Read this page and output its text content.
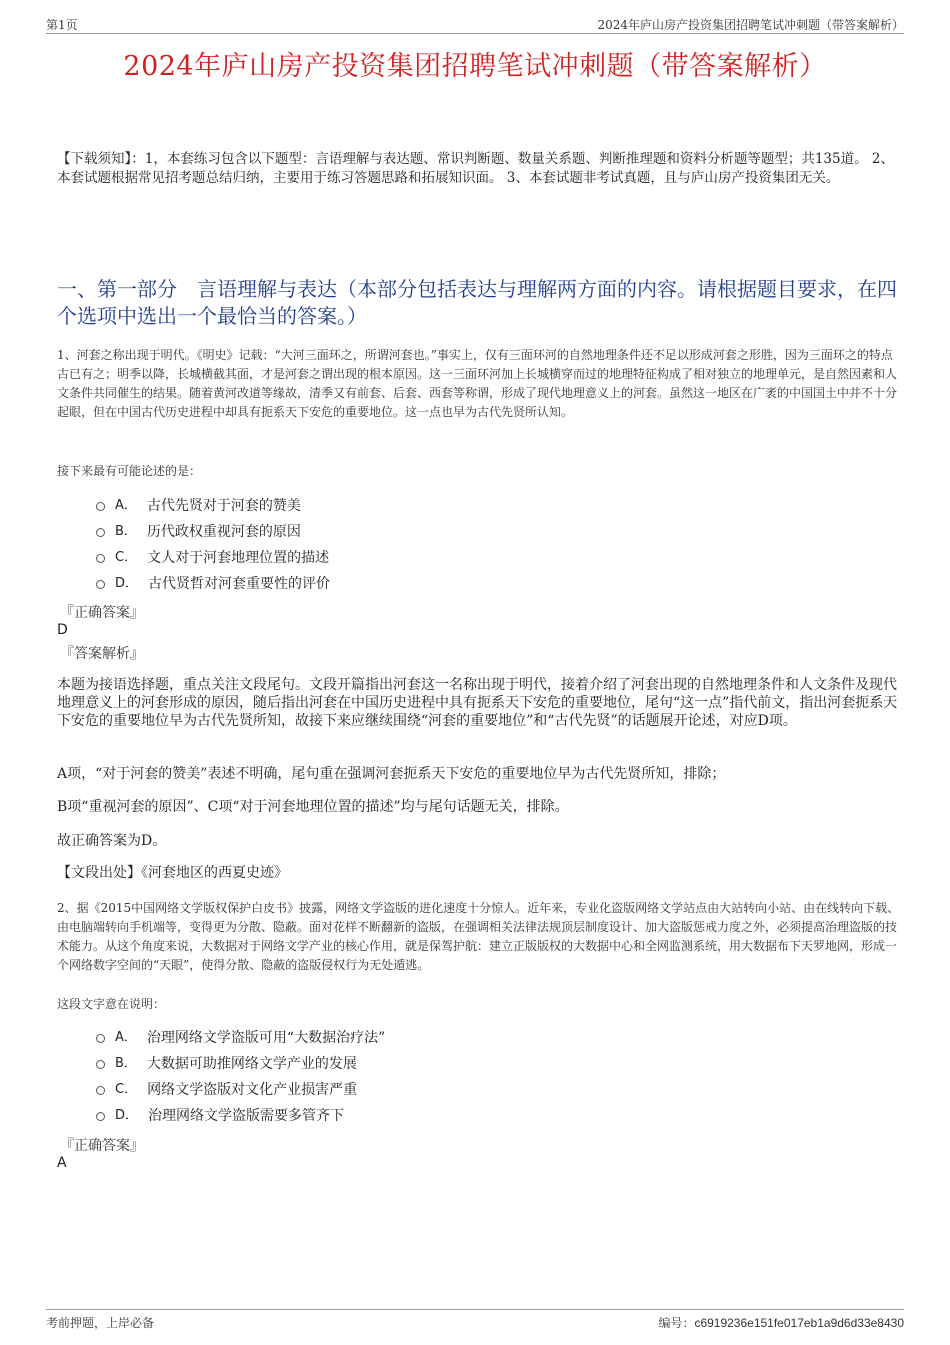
第1页	2024年庐山房产投资集团招聘笔试冲刺题（带答案解析）
2024年庐山房产投资集团招聘笔试冲刺题（带答案解析）
【下载须知】：1，本套练习包含以下题型：言语理解与表达题、常识判断题、数量关系题、判断推理题和资料分析题等题型；共135道。 2、本套试题根据常见招考题总结归纳，主要用于练习答题思路和拓展知识面。 3、本套试题非考试真题，且与庐山房产投资集团无关。
一、第一部分　言语理解与表达（本部分包括表达与理解两方面的内容。请根据题目要求，在四个选项中选出一个最恰当的答案。）
1、河套之称出现于明代。《明史》记载：“大河三面环之，所谓河套也。”事实上，仅有三面环河的自然地理条件还不足以形成河套之形胜，因为三面环之的特点古已有之；明季以降，长城横截其面，才是河套之谓出现的根本原因。这一三面环河加上长城横穿而过的地理特征构成了相对独立的地理单元，是自然因素和人文条件共同催生的结果。随着黄河改道等缘故，清季又有前套、后套、西套等称谓，形成了现代地理意义上的河套。虽然这一地区在广袤的中国国土中并不十分起眼，但在中国古代历史进程中却具有扼系天下安危的重要地位。这一点也早为古代先贤所认知。
接下来最有可能论述的是：
A． 古代先贤对于河套的赞美
B． 历代政权重视河套的原因
C． 文人对于河套地理位置的描述
D． 古代贤哲对河套重要性的评价
『正确答案』
D
『答案解析』
本题为接语选择题，重点关注文段尾句。文段开篇指出河套这一名称出现于明代，接着介绍了河套出现的自然地理条件和人文条件及现代地理意义上的河套形成的原因，随后指出河套在中国历史进程中具有扼系天下安危的重要地位，尾句“这一点”指代前文，指出河套扼系天下安危的重要地位早为古代先贤所知，故接下来应继续围绕“河套的重要地位”和“古代先贤”的话题展开论述，对应D项。
A项，“对于河套的赞美”表述不明确，尾句重在强调河套扼系天下安危的重要地位早为古代先贤所知，排除；
B项“重视河套的原因”、C项“对于河套地理位置的描述”均与尾句话题无关，排除。
故正确答案为D。
【文段出处】《河套地区的西夏史迹》
2、据《2015中国网络文学版权保护白皮书》披露，网络文学盗版的进化速度十分惊人。近年来，专业化盗版网络文学站点由大站转向小站、由在线转向下载、由电脑端转向手机端等，变得更为分散、隐蔽。面对花样不断翻新的盗版，在强调相关法律法规顶层制度设计、加大盗版惩戒力度之外，必须提高治理盗版的技术能力。从这个角度来说，大数据对于网络文学产业的核心作用，就是保驾护航：建立正版版权的大数据中心和全网监测系统，用大数据布下天罗地网，形成一个网络数字空间的“天眼”，使得分散、隐蔽的盗版侵权行为无处遁逃。
这段文字意在说明：
A． 治理网络文学盗版可用“大数据治疗法”
B． 大数据可助推网络文学产业的发展
C． 网络文学盗版对文化产业损害严重
D． 治理网络文学盗版需要多管齐下
『正确答案』
A
考前押题，上岸必备	编号：c6919236e151fe017eb1a9d6d33e8430
